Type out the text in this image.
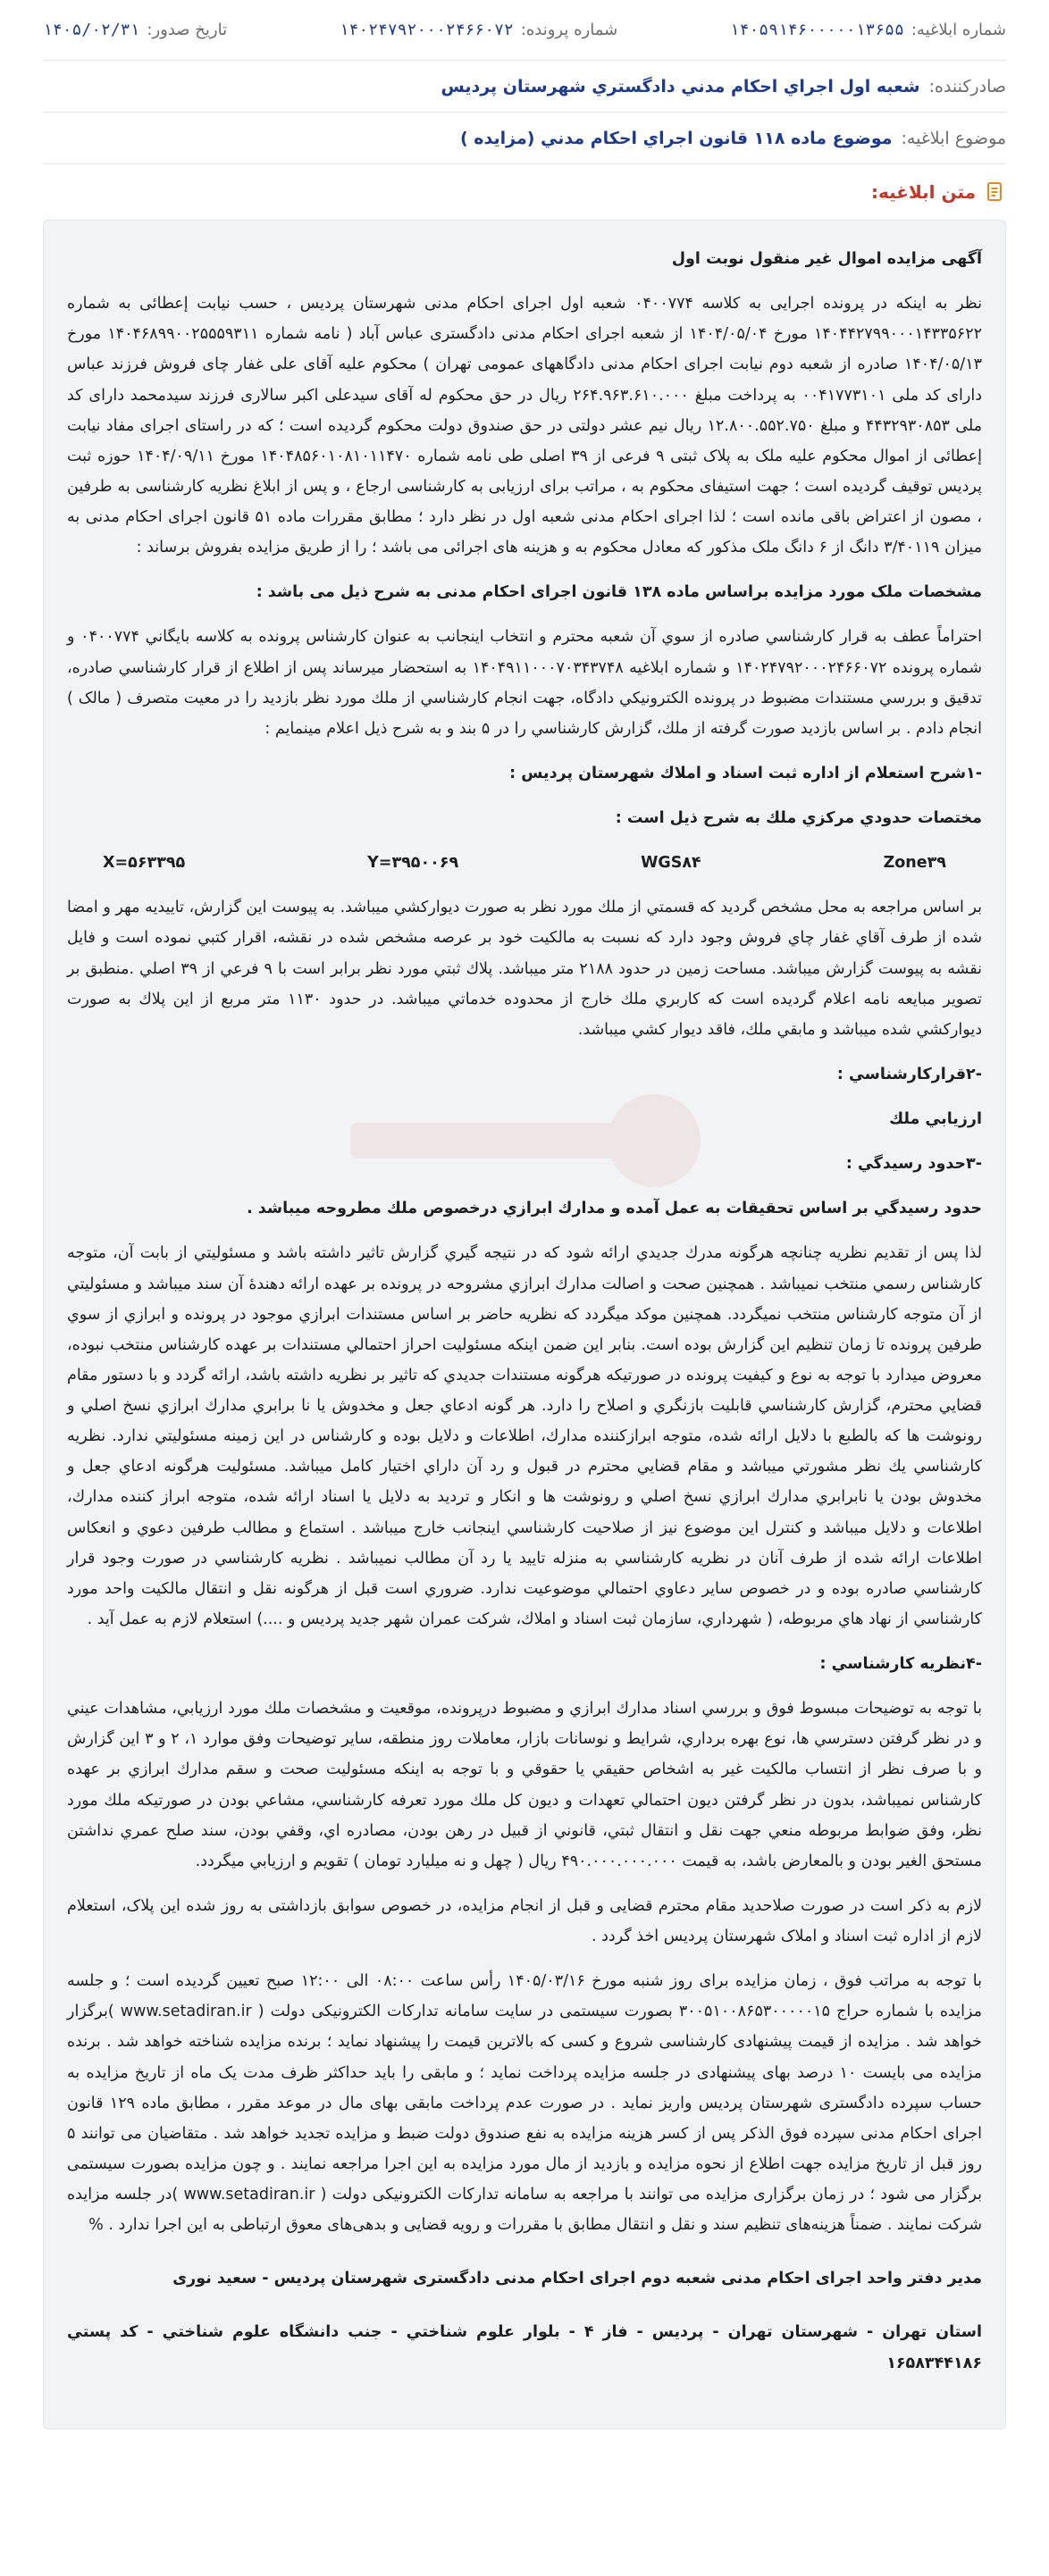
شماره ابلاغیه:
۱۴۰۵۹۱۴۶۰۰۰۰۰۱۳۶۵۵
شماره پرونده:
۱۴۰۲۴۷۹۲۰۰۰۲۴۶۶۰۷۲
تاریخ صدور:
۱۴۰۵/۰۲/۳۱
صادرکننده:
شعبه اول اجراي احكام مدني دادگستري شهرستان پرديس
موضوع ابلاغیه:
موضوع ماده ۱۱۸ قانون اجراي احكام مدني (مزايده )
متن ابلاغیه:

آگهی مزایده اموال غیر منقول نوبت اول

نظر به اینکه در پرونده اجرایی به کلاسه ۰۴۰۰۷۷۴ شعبه اول اجرای احکام مدنی شهرستان پردیس ، حسب نیابت إعطائی به شماره ۱۴۰۴۴۲۷۹۹۰۰۰۱۴۳۳۵۶۲۲ مورخ ۱۴۰۴/۰۵/۰۴ از شعبه اجرای احکام مدنی دادگستری عباس آباد ( نامه شماره ۱۴۰۴۶۸۹۹۰۰۲۵۵۵۹۳۱۱ مورخ ۱۴۰۴/۰۵/۱۳ صادره از شعبه دوم نیابت اجرای احکام مدنی دادگاههای عمومی تهران ) محکوم علیه آقای علی غفار چای فروش فرزند عباس دارای کد ملی ۰۰۴۱۷۷۳۱۰۱ به پرداخت مبلغ ۲۶۴.۹۶۳.۶۱۰.۰۰۰ ریال در حق محکوم له آقای سیدعلی اکبر سالاری فرزند سیدمحمد دارای کد ملی ۴۴۳۲۹۳۰۸۵۳ و مبلغ ۱۲.۸۰۰.۵۵۲.۷۵۰ ریال نیم عشر دولتی در حق صندوق دولت محکوم گردیده است ؛ که در راستای اجرای مفاد نیابت إعطائی از اموال محکوم علیه ملک به پلاک ثبتی ۹ فرعی از ۳۹ اصلی طی نامه شماره ۱۴۰۴۸۵۶۰۱۰۸۱۰۱۱۴۷۰ مورخ ۱۴۰۴/۰۹/۱۱ حوزه ثبت پردیس توقیف گردیده است ؛ جهت استیفای محکوم به ، مراتب برای ارزیابی به کارشناسی ارجاع ، و پس از ابلاغ نظریه کارشناسی به طرفین ، مصون از اعتراض باقی مانده است ؛ لذا اجرای احکام مدنی شعبه اول در نظر دارد ؛ مطابق مقررات ماده ۵۱ قانون اجرای احکام مدنی به میزان ۳/۴۰۱۱۹ دانگ از ۶ دانگ ملک مذکور که معادل محکوم به و هزینه های اجرائی می باشد ؛ را از طریق مزایده بفروش برساند :

مشخصات ملک مورد مزایده براساس ماده ۱۳۸ قانون اجرای احکام مدنی به شرح ذیل می باشد :

احتراماً عطف به قرار كارشناسي صادره از سوي آن شعبه محترم و انتخاب اينجانب به عنوان كارشناس پرونده به كلاسه بايگاني ۰۴۰۰۷۷۴ و شماره پرونده ۱۴۰۲۴۷۹۲۰۰۰۲۴۶۶۰۷۲ و شماره ابلاغيه ۱۴۰۴۹۱۱۰۰۰۷۰۳۴۳۷۴۸ به استحضار ميرساند پس از اطلاع از قرار كارشناسي صادره، تدقيق و بررسي مستندات مضبوط در پرونده الكترونيكي دادگاه، جهت انجام كارشناسي از ملك مورد نظر بازديد را در معيت متصرف ( مالک ) انجام دادم . بر اساس بازدید صورت گرفته از ملك، گزارش كارشناسي را در ۵ بند و به شرح ذيل اعلام مينمايم :

-۱شرح استعلام از اداره ثبت اسناد و املاك شهرستان پرديس :

مختصات حدودي مركزي ملك به شرح ذيل است :

X=۵۶۳۳۹۵	Y=۳۹۵۰۰۶۹	WGS۸۴	Zone۳۹

بر اساس مراجعه به محل مشخص گرديد كه قسمتي از ملك مورد نظر به صورت ديواركشي ميباشد. به پيوست اين گزارش، تاييديه مهر و امضا شده از طرف آقاي غفار چاي فروش وجود دارد كه نسبت به مالكيت خود بر عرصه مشخص شده در نقشه، اقرار كتبي نموده است و فايل نقشه به پيوست گزارش ميباشد. مساحت زمين در حدود ۲۱۸۸ متر ميباشد. پلاك ثبتي مورد نظر برابر است با ۹ فرعي از ۳۹ اصلي .منطبق بر تصوير مبايعه نامه اعلام گرديده است كه كاربري ملك خارج از محدوده خدماتي ميباشد. در حدود ۱۱۳۰ متر مربع از اين پلاك به صورت ديواركشي شده ميباشد و مابقي ملك، فاقد ديوار كشي ميباشد.

-۲قراركارشناسي :

ارزيابي ملك

-۳حدود رسيدگي :

حدود رسيدگي بر اساس تحقيقات به عمل آمده و مدارك ابرازي درخصوص ملك مطروحه ميباشد .

لذا پس از تقديم نظريه چنانچه هرگونه مدرك جديدي ارائه شود كه در نتيجه گيري گزارش تاثير داشته باشد و مسئوليتي از بابت آن، متوجه كارشناس رسمي منتخب نميباشد . همچنين صحت و اصالت مدارك ابرازي مشروحه در پرونده بر عهده ارائه دهندهٔ آن سند ميباشد و مسئوليتي از آن متوجه كارشناس منتخب نميگردد. همچنين موكد ميگردد كه نظريه حاضر بر اساس مستندات ابرازي موجود در پرونده و ابرازي از سوي طرفين پرونده تا زمان تنظيم اين گزارش بوده است. بنابر اين ضمن اينكه مسئوليت احراز احتمالي مستندات بر عهده كارشناس منتخب نبوده، معروض ميدارد با توجه به نوع و كيفيت پرونده در صورتيكه هرگونه مستندات جديدي كه تاثير بر نظريه داشته باشد، ارائه گردد و با دستور مقام قضايي محترم، گزارش كارشناسي قابليت بازنگري و اصلاح را دارد. هر گونه ادعاي جعل و مخدوش يا نا برابري مدارك ابرازي نسخ اصلي و رونوشت ها كه بالطبع با دلايل ارائه شده، متوجه ابرازكننده مدارك، اطلاعات و دلايل بوده و كارشناس در اين زمينه مسئوليتي ندارد. نظريه كارشناسي يك نظر مشورتي ميباشد و مقام قضايي محترم در قبول و رد آن داراي اختيار كامل ميباشد. مسئوليت هرگونه ادعاي جعل و مخدوش بودن يا نابرابري مدارك ابرازي نسخ اصلي و رونوشت ها و انكار و ترديد به دلايل يا اسناد ارائه شده، متوجه ابراز كننده مدارك، اطلاعات و دلايل ميباشد و كنترل اين موضوع نيز از صلاحيت كارشناسي اينجانب خارج ميباشد . استماع و مطالب طرفين دعوي و انعكاس اطلاعات ارائه شده از طرف آنان در نظريه كارشناسي به منزله تاييد يا رد آن مطالب نميباشد . نظريه كارشناسي در صورت وجود قرار كارشناسي صادره بوده و در خصوص ساير دعاوي احتمالي موضوعيت ندارد. ضروري است قبل از هرگونه نقل و انتقال مالكيت واحد مورد كارشناسي از نهاد هاي مربوطه، ( شهرداري، سازمان ثبت اسناد و املاك، شركت عمران شهر جديد پرديس و ....) استعلام لازم به عمل آيد .

-۴نظريه كارشناسي :

با توجه به توضيحات مبسوط فوق و بررسي اسناد مدارك ابرازي و مضبوط درپرونده، موقعيت و مشخصات ملك مورد ارزيابي، مشاهدات عيني و در نظر گرفتن دسترسي ها، نوع بهره برداري، شرايط و نوسانات بازار، معاملات روز منطقه، ساير توضيحات وفق موارد ۱، ۲ و ۳ اين گزارش و با صرف نظر از انتساب مالكيت غير به اشخاص حقيقي يا حقوقي و با توجه به اينكه مسئوليت صحت و سقم مدارك ابرازي بر عهده كارشناس نميباشد، بدون در نظر گرفتن ديون احتمالي تعهدات و ديون كل ملك مورد تعرفه كارشناسي، مشاعي بودن در صورتيكه ملك مورد نظر، وفق ضوابط مربوطه منعي جهت نقل و انتقال ثبتي، قانوني از قبيل در رهن بودن، مصادره اي، وقفي بودن، سند صلح عمري نداشتن مستحق الغير بودن و بالمعارض باشد، به قيمت ۴۹۰.۰۰۰.۰۰۰.۰۰۰ ريال ( چهل و نه ميليارد تومان ) تقويم و ارزيابي ميگردد.

لازم به ذکر است در صورت صلاحدید مقام محترم قضایی و قبل از انجام مزایده، در خصوص سوابق بازداشتی به روز شده این پلاک، استعلام لازم از اداره ثبت اسناد و املاک شهرستان پردیس اخذ گردد .

با توجه به مراتب فوق ، زمان مزایده برای روز شنبه مورخ ۱۴۰۵/۰۳/۱۶ رأس ساعت ۰۸:۰۰ الی ۱۲:۰۰ صبح تعیین گردیده است ؛ و جلسه مزایده با شماره حراج ۳۰۰۵۱۰۰۸۶۵۳۰۰۰۰۰۱۵ بصورت سیستمی در سایت سامانه تدارکات الکترونیکی دولت ( www.setadiran.ir )برگزار خواهد شد . مزایده از قیمت پیشنهادی کارشناسی شروع و کسی که بالاترین قیمت را پیشنهاد نماید ؛ برنده مزایده شناخته خواهد شد . برنده مزایده می بایست ۱۰ درصد بهای پیشنهادی در جلسه مزایده پرداخت نماید ؛ و مابقی را باید حداکثر ظرف مدت یک ماه از تاریخ مزایده به حساب سپرده دادگستری شهرستان پردیس واریز نماید . در صورت عدم پرداخت مابقی بهای مال در موعد مقرر ، مطابق ماده ۱۲۹ قانون اجرای احکام مدنی سپرده فوق الذکر پس از کسر هزینه مزایده به نفع صندوق دولت ضبط و مزایده تجدید خواهد شد . متقاضیان می توانند ۵ روز قبل از تاریخ مزایده جهت اطلاع از نحوه مزایده و بازدید از مال مورد مزایده به این اجرا مراجعه نمایند . و چون مزایده بصورت سیستمی برگزار می شود ؛ در زمان برگزاری مزایده می توانند با مراجعه به سامانه تدارکات الکترونیکی دولت ( www.setadiran.ir )در جلسه مزایده شرکت نمایند . ضمناً هزینه‌های تنظیم سند و نقل و انتقال مطابق با مقررات و رویه قضایی و بدهی‌های معوق ارتباطی به این اجرا ندارد . %

مدیر دفتر واحد اجرای احکام مدنی شعبه دوم اجرای احکام مدنی دادگستری شهرستان پردیس - سعید نوری

استان تهران - شهرستان تهران - پرديس - فاز ۴ - بلوار علوم شناختي - جنب دانشگاه علوم شناختي - كد پستي ۱۶۵۸۳۴۴۱۸۶
